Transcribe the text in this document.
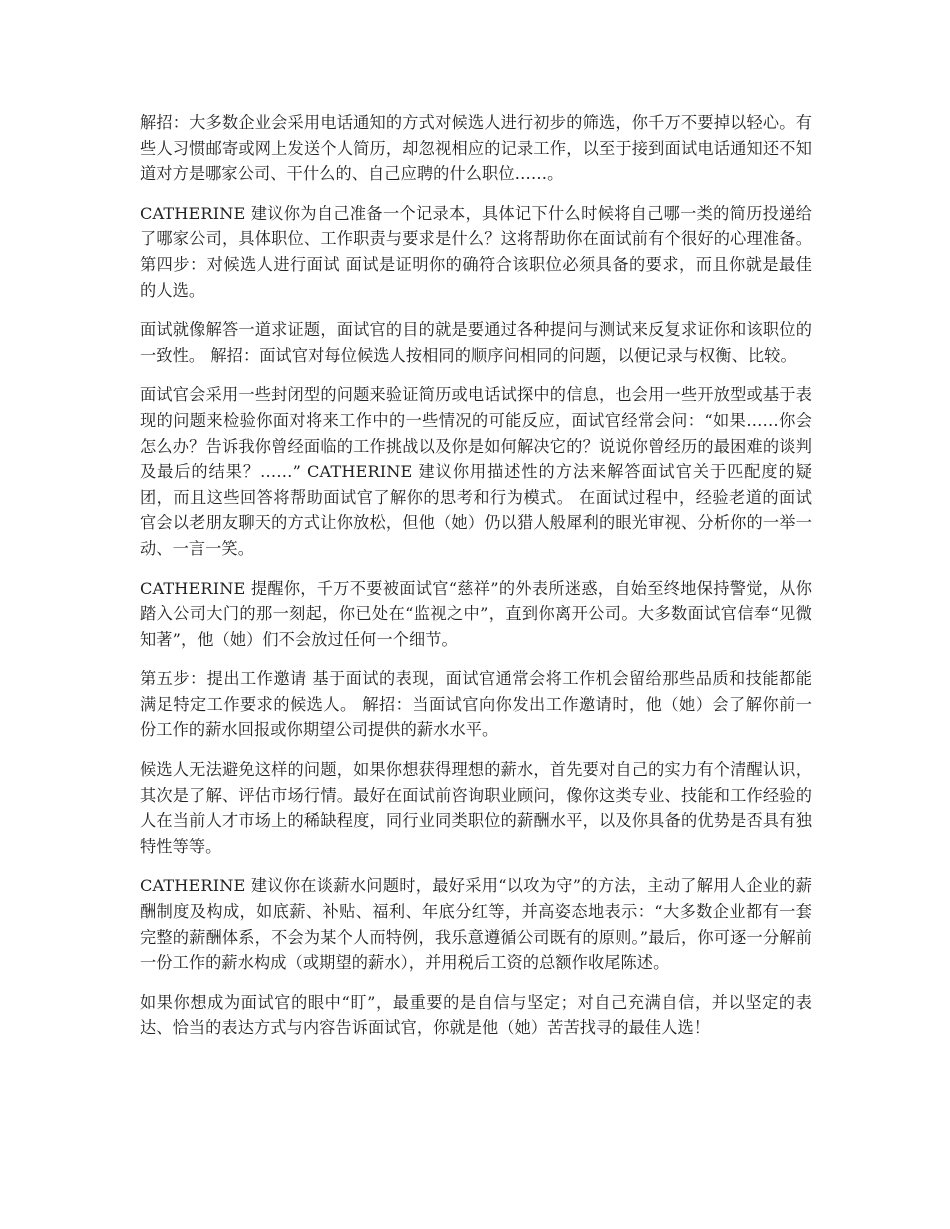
解招：大多数企业会采用电话通知的方式对候选人进行初步的筛选，你千万不要掉以轻心。有些人习惯邮寄或网上发送个人简历，却忽视相应的记录工作，以至于接到面试电话通知还不知道对方是哪家公司、干什么的、自己应聘的什么职位……。

CATHERINE 建议你为自己准备一个记录本，具体记下什么时候将自己哪一类的简历投递给了哪家公司，具体职位、工作职责与要求是什么？这将帮助你在面试前有个很好的心理准备。 第四步：对候选人进行面试 面试是证明你的确符合该职位必须具备的要求，而且你就是最佳的人选。

面试就像解答一道求证题，面试官的目的就是要通过各种提问与测试来反复求证你和该职位的一致性。 解招：面试官对每位候选人按相同的顺序问相同的问题，以便记录与权衡、比较。

面试官会采用一些封闭型的问题来验证简历或电话试探中的信息，也会用一些开放型或基于表现的问题来检验你面对将来工作中的一些情况的可能反应，面试官经常会问：“如果……你会怎么办？告诉我你曾经面临的工作挑战以及你是如何解决它的？说说你曾经历的最困难的谈判及最后的结果？……” CATHERINE 建议你用描述性的方法来解答面试官关于匹配度的疑团，而且这些回答将帮助面试官了解你的思考和行为模式。 在面试过程中，经验老道的面试官会以老朋友聊天的方式让你放松，但他（她）仍以猎人般犀利的眼光审视、分析你的一举一动、一言一笑。

CATHERINE 提醒你，千万不要被面试官“慈祥”的外表所迷惑，自始至终地保持警觉，从你踏入公司大门的那一刻起，你已处在“监视之中”，直到你离开公司。大多数面试官信奉“见微知著”，他（她）们不会放过任何一个细节。

第五步：提出工作邀请 基于面试的表现，面试官通常会将工作机会留给那些品质和技能都能满足特定工作要求的候选人。 解招：当面试官向你发出工作邀请时，他（她）会了解你前一份工作的薪水回报或你期望公司提供的薪水水平。

候选人无法避免这样的问题，如果你想获得理想的薪水，首先要对自己的实力有个清醒认识，其次是了解、评估市场行情。最好在面试前咨询职业顾问，像你这类专业、技能和工作经验的人在当前人才市场上的稀缺程度，同行业同类职位的薪酬水平，以及你具备的优势是否具有独特性等等。

CATHERINE 建议你在谈薪水问题时，最好采用“以攻为守”的方法，主动了解用人企业的薪酬制度及构成，如底薪、补贴、福利、年底分红等，并高姿态地表示：“大多数企业都有一套完整的薪酬体系，不会为某个人而特例，我乐意遵循公司既有的原则。”最后，你可逐一分解前一份工作的薪水构成（或期望的薪水），并用税后工资的总额作收尾陈述。

如果你想成为面试官的眼中“盯”，最重要的是自信与坚定；对自己充满自信，并以坚定的表达、恰当的表达方式与内容告诉面试官，你就是他（她）苦苦找寻的最佳人选！
